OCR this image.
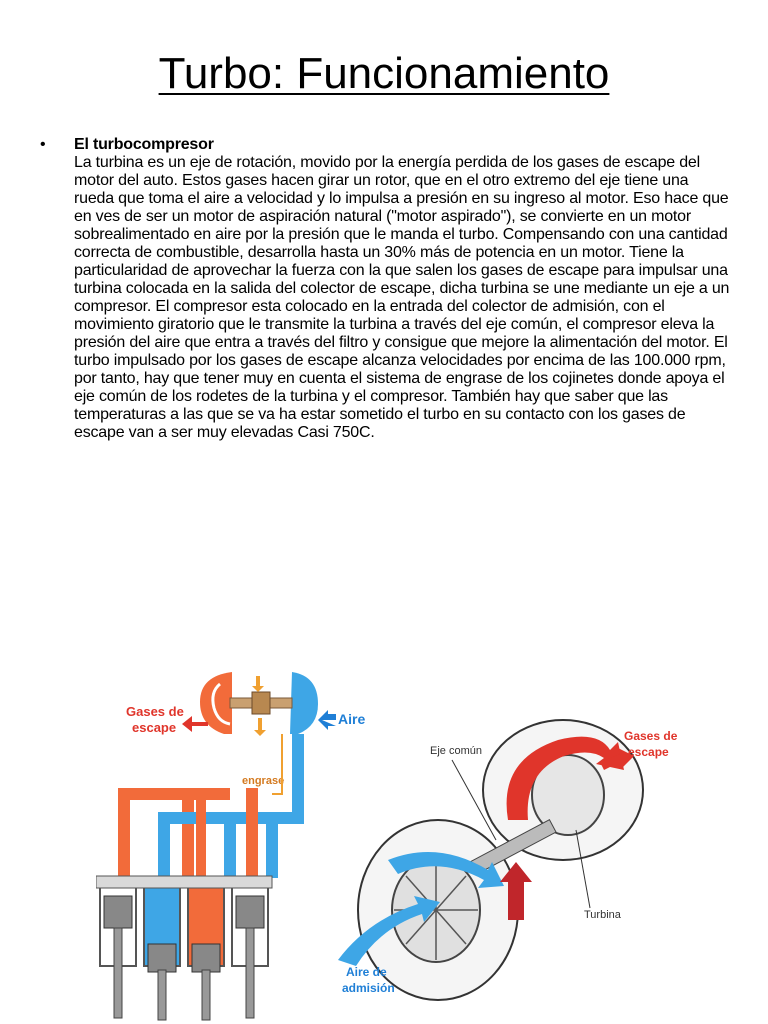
Turbo: Funcionamiento
• El turbocompresor
La turbina es un eje de rotación, movido por la energía perdida de los gases de escape del motor del auto. Estos gases hacen girar un rotor, que en el otro extremo del eje tiene una rueda que toma el aire a velocidad y lo impulsa a presión en su ingreso al motor. Eso hace que en ves de ser un motor de aspiración natural ("motor aspirado"), se convierte en un motor sobrealimentado en aire por la presión que le manda el turbo. Compensando con una cantidad correcta de combustible, desarrolla hasta un 30% más de potencia en un motor. Tiene la particularidad de aprovechar la fuerza con la que salen los gases de escape para impulsar una turbina colocada en la salida del colector de escape, dicha turbina se une mediante un eje a un compresor. El compresor esta colocado en la entrada del colector de admisión, con el movimiento giratorio que le transmite la turbina a través del eje común, el compresor eleva la presión del aire que entra a través del filtro y consigue que mejore la alimentación del motor. El turbo impulsado por los gases de escape alcanza velocidades por encima de las 100.000 rpm, por tanto, hay que tener muy en cuenta el sistema de engrase de los cojinetes donde apoya el eje común de los rodetes de la turbina y el compresor. También hay que saber que las temperaturas a las que se va ha estar sometido el turbo en su contacto con los gases de escape van a ser muy elevadas Casi 750C.
Gases de
escape
Aire
engrase
Eje común
Gases de
escape
Turbina
Aire de
admisión
